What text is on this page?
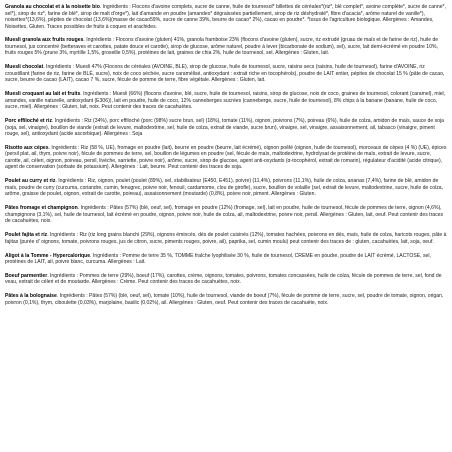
Granola au chocolat et à la noisette bio. Ingrédients : Flocons d'avoine complets, sucre de canne, huile de tournesol* billettes de céréales*(riz*, blé complet*, avoine complète*, sucre de canne*, sel*), sirop de riz*, farine de blé*, sirop de malt d'orge*), lait d'amande en poudre (amandes* dégraissées partiellement, sirop de riz déshydraté*, fibre d'acacia*, arôme naturel de vanille*), noisettes*(13,6%), pépites de chocolat (13,6%)(masse de cacao59%, sucre de canne 39%, beurre de cacao* 2%), cacao en poudre*. *Issus de l'agriculture biologique. Allergènes : Amandes, Noisettes, Gluten. Traces possibles de fruits à coques et arachides.

Muesli granola aux fruits rouges. Ingrédients : Flocons d'avoine (gluten) 41%, granola framboise 23% (flocons d'avoine (gluten), sucre, riz extrudé (gruau de maïs et de farine de riz), huile de tournesol, jus concentré (betteraves et carottes, patate douce et carotte), sirop de glucose, arôme naturel, poudre à lever (bicarbonate de sodium), sel), sucre, lait demi-écrémé en poudre 10%, fruits rouges 5% (prune 3%, myrtille 1,5%, groseille 0,5%), protéines de lait, graines de chia 2%, huile de tournesol, sel. Allergènes : Gluten, lait.

Muesli chocolat. Ingrédients : Muesli 47% (Flocons de céréales (AVOINE, BLE), sirop de glucose, huile de tournesol, sucre, raisins secs (raisins, huile de tournesol), farine d'AVOINE, riz croustillant (farine de riz, farine de BLÉ, sucre), noix de coco séchée, sucre caramélisé, antioxydant : extrait riche en tocophérols), poudre de LAIT entier, pépites de chocolat 15 % (pâte de cacao, sucre, beurre de cacao (LAIT), cacao 7 %, sucre, fécule de pomme de terre, fibre végétale. Allergènes : Gluten, lait.

Muesli croquant au lait et fruits. Ingrédients : Muesli (66%) (flocons d'avoine, blé, sucre, huile de tournesol, raisins, sirop de glucose, noix de coco, graines de tournesol, colorant (caramel), miel, amandes, vanille naturelle, antioxydant (E306)), lait en poudre, huile de coco, 12% canneberges sucrées (canneberge, sucre, huile de tournesol), 8% chips à la banane (banane, huile de coco, sucre, miel). Allergènes : Gluten, lait, noix. Peut contenir des traces de cacahuètes.

Porc effiloché et riz. Ingrédients : Riz (34%), porc effiloché (porc (98%) sucre brun, sel) (18%), tomate (11%), oignon, poivrons (7%), poireau (6%), huile de colza, amidon de maïs, sauce de soja (soja, sel, vinaigre), bouillon de viande (extrait de levure, maltodextrine, sel, huile de colza, extrait de viande, sucre brun), vinaigre, sel, vinaigre, assaisonnement, ail, tabasco (vinaigre, piment rouge, sel), antioxydant (acide ascorbique). Allergènes : Soja

Risotto aux cèpes. Ingrédients : Riz (58 %, UE), fromage en poudre (lait), beurre en poudre (beurre, lait écrémé), oignon poêlé (oignon, huile de tournesol), morceaux de cèpes (4 %) (UE), épices (persil plat, ail, thym, poivre noir), fécule de pommes de terre, sel, bouillon de légumes en poudre (sel, fécule de maïs, maltodextrine, hydrolysat de protéine de maïs, extrait de levure, sucre, carotte, ail, céleri, oignon, poireau, persil, livèche, sarriette, poivre noir), arôme, sucre, sirop de glucose, agent anti-oxydants (α-tocophérol, extrait de romarin), régulateur d'acidité (acide citrique), agent de conservation (sorbate de potassium). Allergènes : Lait, beurre. Peut contenir des traces de soja.

Poulet au curry et riz. Ingrédients : Riz, oignon, poulet (poulet (89%), sel, stabilisateur (E450, E451), poivre) (11,4%), poivrons (11,1%), huile de colza, ananas (7,4%), farine de blé, amidon de maïs, poudre de curry (curcuma, coriandre, cumin, fenugrec, poivre noir, fenouil, cardamome, clou de girofle), sucre, bouillon de volaille (sel, extrait de levure, maltodextrine, sucre, huile de colza, arôme, graisse de poulet, oignon, extrait de carotte, poireau), assaisonnement (moutarde) (0,8%), poivre noir, piment. Allergènes : Gluten.

Pâtes fromage et champignon. Ingrédients : Pâtes (57%) (blé, oeuf, sel), fromage en poudre (12%) (fromage, sel), lait en poudre, huile de tournesol, fécule de pommes de terre, oignon (4,6%), champignons (3,1%), sel, huile de tournesol, lait écrémé en poudre, oignon, poivre noir, huile de colza, ail, maltodextrine, poivre noir, persil. Allergènes : Gluten, lait, oeuf. Peut contenir des traces de cacahuètes, noix.

Poulet fajita et riz. Ingrédients : Riz (riz long grains blanchi (29%), oignons émincés, dés de poulet cuisinés (12%), tomates hachées, poivrons en dés, maïs, huile de colza, haricots rouges, pâte à fajitas (purée d' oignons, tomate, poivrons rouges, jus de citron, sucre, piments rouges, poivre, ail), paprika, sel, cumin moulu) peut contenir des traces de : gluten, cacahuètes, lait, soja, oeuf.

Aligot à la Tomme - Hypercalorique. Ingrédients : Pomme de terre 35 %, TOMME fraîche lyophilisée 30 %, huile de tournesol, CREME en poudre, poudre de LAIT écrémé, LACTOSE, sel, protéines de LAIT, ail, poivre blanc, curcuma. Allergènes : Lait.

Boeuf parmentier. Ingrédients : Pommes de terre (29%), boeuf (17%), carottes, crème, oignons, tomates, poivrons, tomates concassées, huile de colza, fécule de pommes de terre, sel, fond de veau, extrait de céleri et de moutarde. Allergènes : Crème. Peut contenir des traces de cacahuètes, noix.

Pâtes à la bolognaise. Ingrédients : Pâtes (57%) (blé, oeuf, sel), tomate (10%), huile de tournesol, viande de boeuf (7%), fécule de pomme de terre, sucre, sel, poudre de tomate, oignon, origan, poivron (0,1%), thym, ciboulette (0,03%), marjolaine, basilic (0,02%), ail. Allergènes : Gluten, oeuf. Peut contenir des traces de cacahuète, noix.
